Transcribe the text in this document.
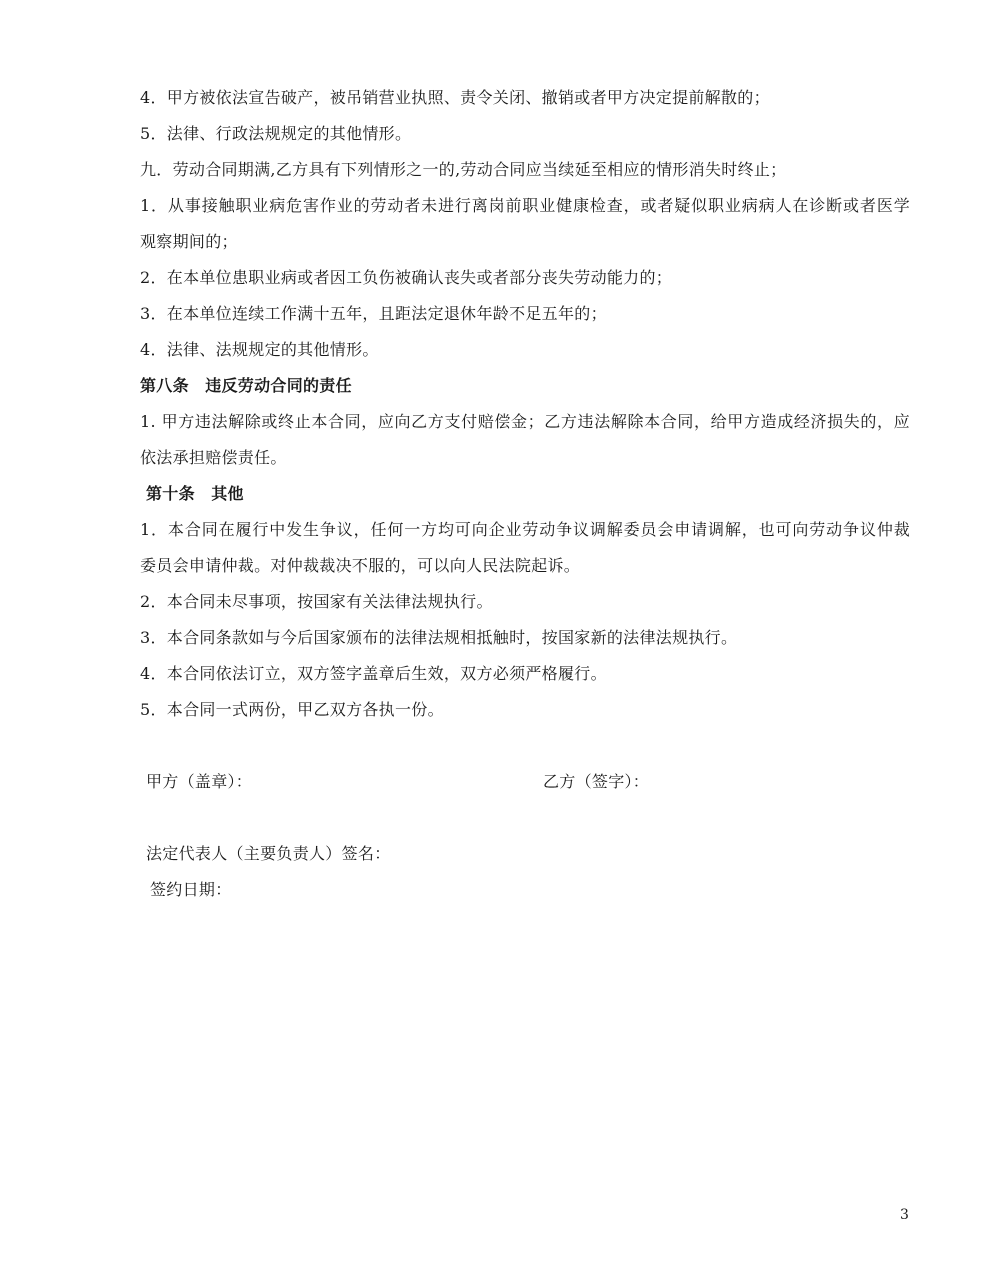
4．甲方被依法宣告破产，被吊销营业执照、责令关闭、撤销或者甲方决定提前解散的；
5．法律、行政法规规定的其他情形。
九．劳动合同期满,乙方具有下列情形之一的,劳动合同应当续延至相应的情形消失时终止；
1．从事接触职业病危害作业的劳动者未进行离岗前职业健康检查，或者疑似职业病病人在诊断或者医学
观察期间的；
2．在本单位患职业病或者因工负伤被确认丧失或者部分丧失劳动能力的；
3．在本单位连续工作满十五年，且距法定退休年龄不足五年的；
4．法律、法规规定的其他情形。
第八条　违反劳动合同的责任
1. 甲方违法解除或终止本合同，应向乙方支付赔偿金；乙方违法解除本合同，给甲方造成经济损失的，应
依法承担赔偿责任。
第十条　其他
1．本合同在履行中发生争议，任何一方均可向企业劳动争议调解委员会申请调解，也可向劳动争议仲裁
委员会申请仲裁。对仲裁裁决不服的，可以向人民法院起诉。
2．本合同未尽事项，按国家有关法律法规执行。
3．本合同条款如与今后国家颁布的法律法规相抵触时，按国家新的法律法规执行。
4．本合同依法订立，双方签字盖章后生效，双方必须严格履行。
5．本合同一式两份，甲乙双方各执一份。
甲方（盖章）：	乙方（签字）：
法定代表人（主要负责人）签名：
签约日期：
3
